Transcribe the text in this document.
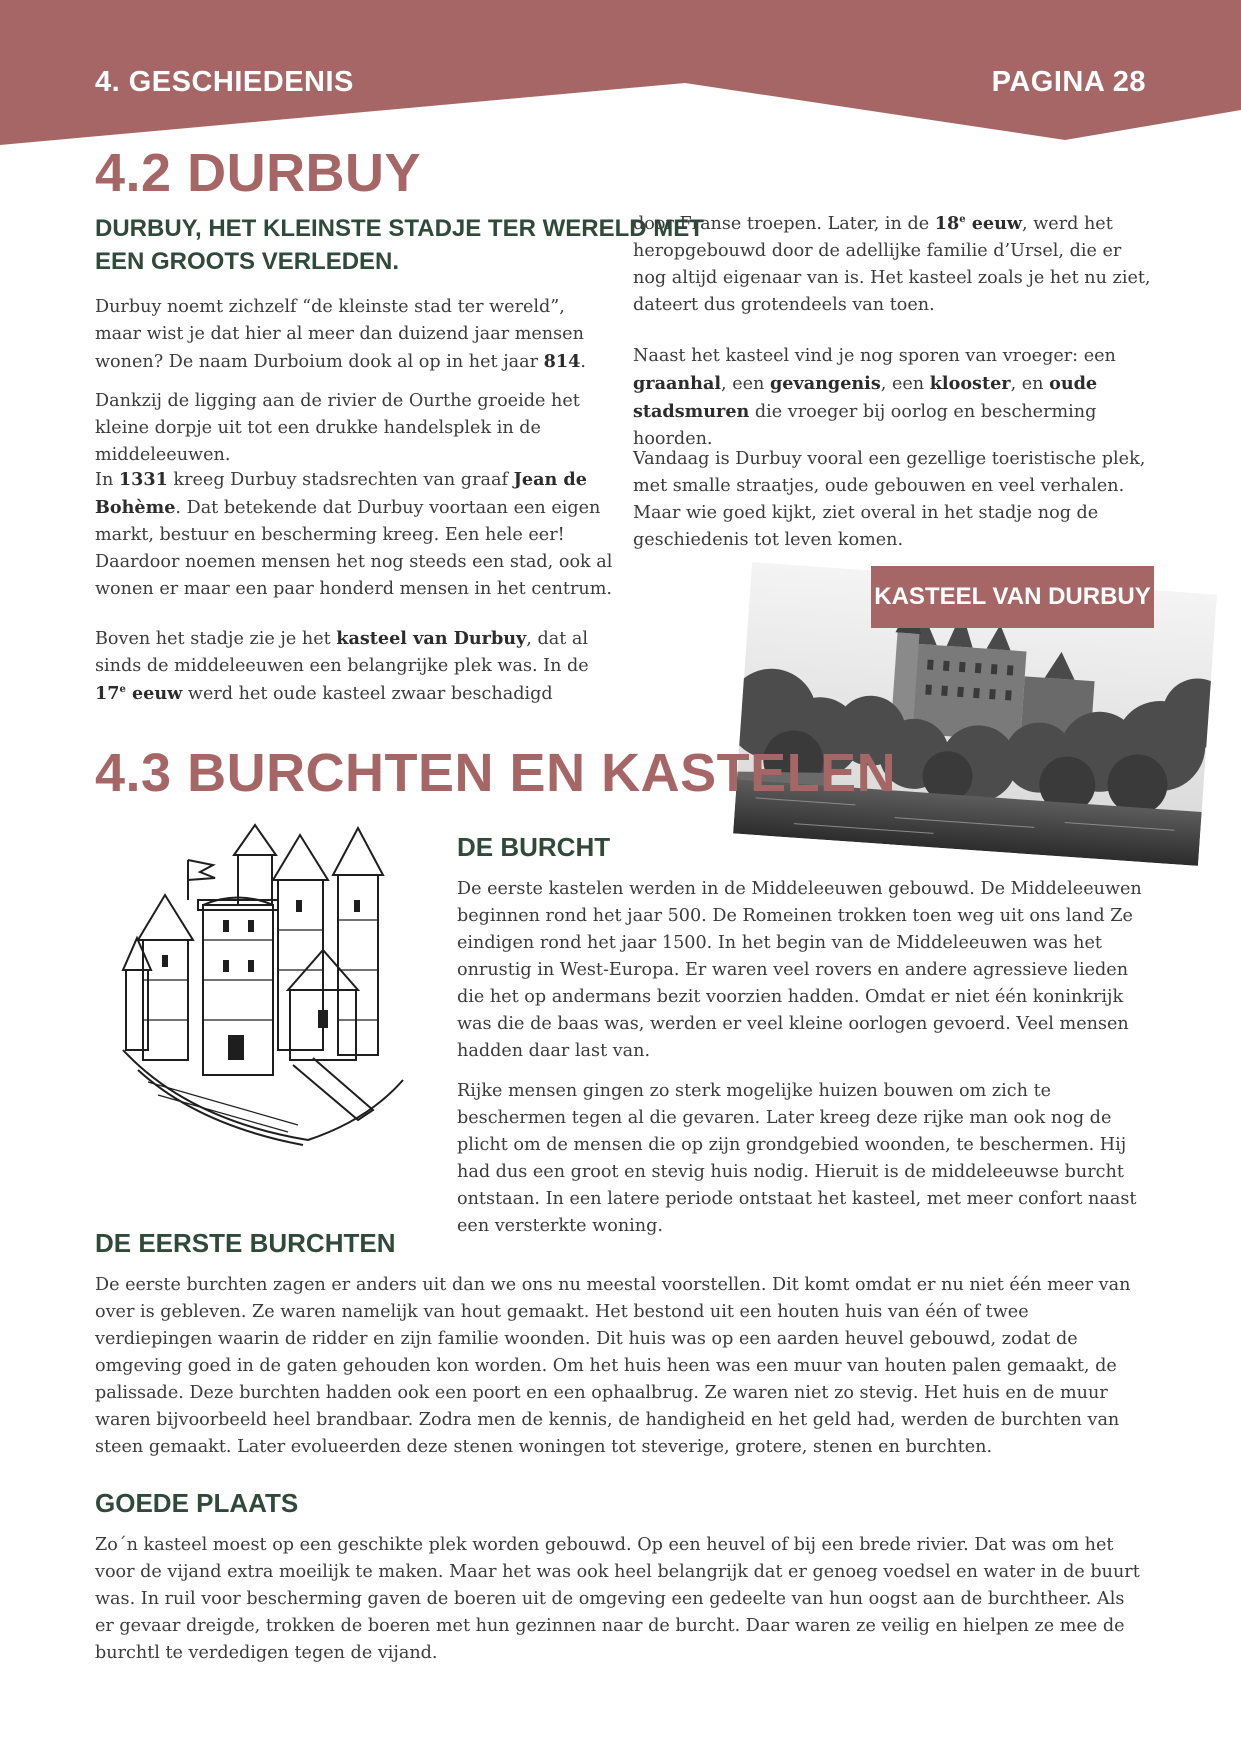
4. GESCHIEDENIS	PAGINA 28
4.2 DURBUY
DURBUY, HET KLEINSTE STADJE TER WERELD MET
EEN GROOTS VERLEDEN.

Durbuy noemt zichzelf “de kleinste stad ter wereld”, maar wist je dat hier al meer dan duizend jaar mensen wonen? De naam Durboium dook al op in het jaar 814.

Dankzij de ligging aan de rivier de Ourthe groeide het kleine dorpje uit tot een drukke handelsplek in de middeleeuwen.

In 1331 kreeg Durbuy stadsrechten van graaf Jean de Bohème. Dat betekende dat Durbuy voortaan een eigen markt, bestuur en bescherming kreeg. Een hele eer! Daardoor noemen mensen het nog steeds een stad, ook al wonen er maar een paar honderd mensen in het centrum.

Boven het stadje zie je het kasteel van Durbuy, dat al sinds de middeleeuwen een belangrijke plek was. In de 17e eeuw werd het oude kasteel zwaar beschadigd

door Franse troepen. Later, in de 18e eeuw, werd het heropgebouwd door de adellijke familie d’Ursel, die er nog altijd eigenaar van is. Het kasteel zoals je het nu ziet, dateert dus grotendeels van toen.

Naast het kasteel vind je nog sporen van vroeger: een graanhal, een gevangenis, een klooster, en oude stadsmuren die vroeger bij oorlog en bescherming hoorden.

Vandaag is Durbuy vooral een gezellige toeristische plek, met smalle straatjes, oude gebouwen en veel verhalen. Maar wie goed kijkt, ziet overal in het stadje nog de geschiedenis tot leven komen.

KASTEEL VAN DURBUY
4.3 BURCHTEN EN KASTELEN
DE BURCHT

De eerste kastelen werden in de Middeleeuwen gebouwd. De Middeleeuwen beginnen rond het jaar 500. De Romeinen trokken toen weg uit ons land Ze eindigen rond het jaar 1500. In het begin van de Middeleeuwen was het onrustig in West-Europa. Er waren veel rovers en andere agressieve lieden die het op andermans bezit voorzien hadden. Omdat er niet één koninkrijk was die de baas was, werden er veel kleine oorlogen gevoerd. Veel mensen hadden daar last van.

Rijke mensen gingen zo sterk mogelijke huizen bouwen om zich te beschermen tegen al die gevaren. Later kreeg deze rijke man ook nog de plicht om de mensen die op zijn grondgebied woonden, te beschermen. Hij had dus een groot en stevig huis nodig. Hieruit is de middeleeuwse burcht ontstaan. In een latere periode ontstaat het kasteel, met meer confort naast een versterkte woning.

DE EERSTE BURCHTEN

De eerste burchten zagen er anders uit dan we ons nu meestal voorstellen. Dit komt omdat er nu niet één meer van over is gebleven. Ze waren namelijk van hout gemaakt. Het bestond uit een houten huis van één of twee verdiepingen waarin de ridder en zijn familie woonden. Dit huis was op een aarden heuvel gebouwd, zodat de omgeving goed in de gaten gehouden kon worden. Om het huis heen was een muur van houten palen gemaakt, de palissade. Deze burchten hadden ook een poort en een ophaalbrug. Ze waren niet zo stevig. Het huis en de muur waren bijvoorbeeld heel brandbaar. Zodra men de kennis, de handigheid en het geld had, werden de burchten van steen gemaakt. Later evolueerden deze stenen woningen tot steverige, grotere, stenen en burchten.

GOEDE PLAATS

Zo´n kasteel moest op een geschikte plek worden gebouwd. Op een heuvel of bij een brede rivier. Dat was om het voor de vijand extra moeilijk te maken. Maar het was ook heel belangrijk dat er genoeg voedsel en water in de buurt was. In ruil voor bescherming gaven de boeren uit de omgeving een gedeelte van hun oogst aan de burchtheer. Als er gevaar dreigde, trokken de boeren met hun gezinnen naar de burcht. Daar waren ze veilig en hielpen ze mee de burchtl te verdedigen tegen de vijand.
